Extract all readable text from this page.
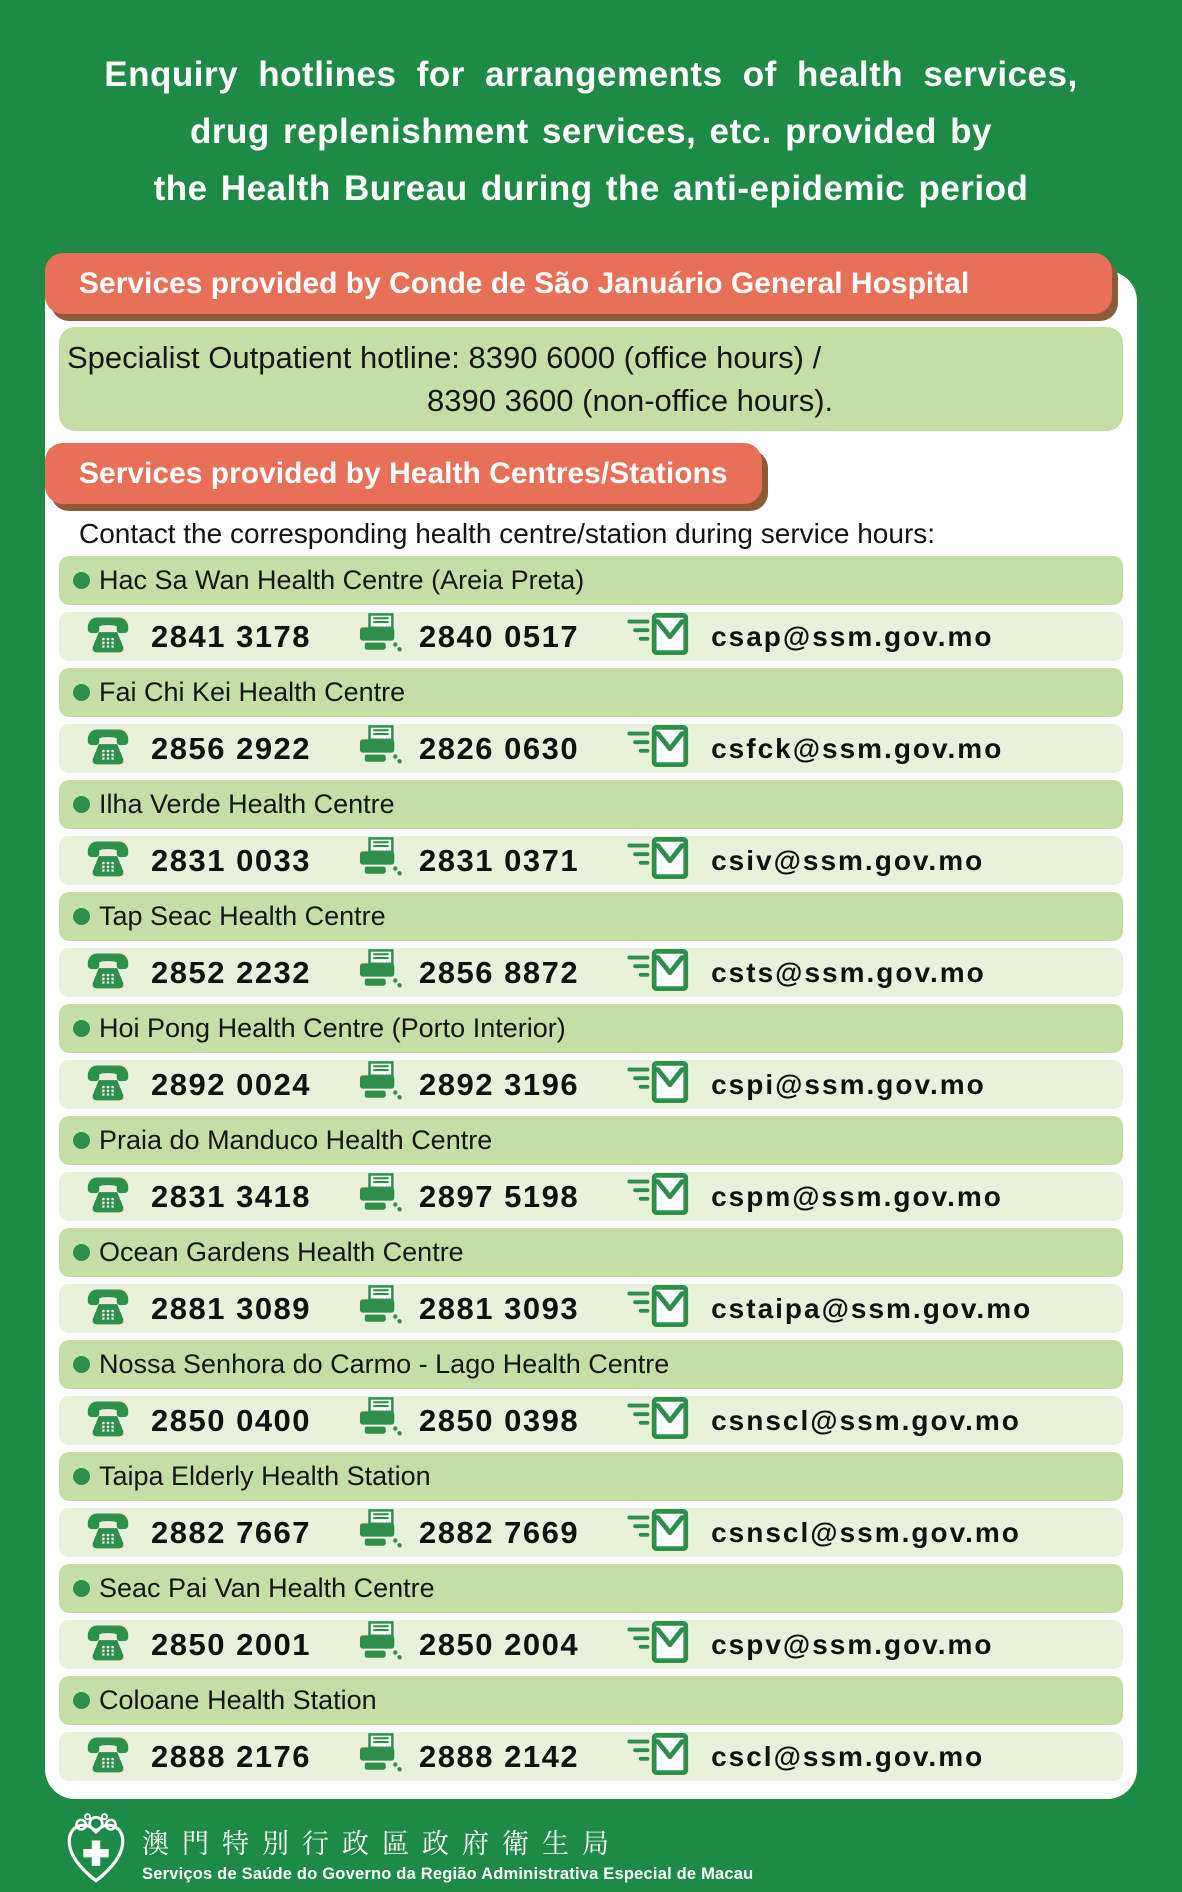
Enquiry hotlines for arrangements of health services,
drug replenishment services, etc. provided by
the Health Bureau during the anti-epidemic period
Services provided by Conde de São Januário General Hospital
Specialist Outpatient hotline: 8390 6000 (office hours) /
8390 3600 (non-office hours).
Services provided by Health Centres/Stations
Contact the corresponding health centre/station during service hours:
Hac Sa Wan Health Centre (Areia Preta)
2841 3178	2840 0517	csap@ssm.gov.mo
Fai Chi Kei Health Centre
2856 2922	2826 0630	csfck@ssm.gov.mo
Ilha Verde Health Centre
2831 0033	2831 0371	csiv@ssm.gov.mo
Tap Seac Health Centre
2852 2232	2856 8872	csts@ssm.gov.mo
Hoi Pong Health Centre (Porto Interior)
2892 0024	2892 3196	cspi@ssm.gov.mo
Praia do Manduco Health Centre
2831 3418	2897 5198	cspm@ssm.gov.mo
Ocean Gardens Health Centre
2881 3089	2881 3093	cstaipa@ssm.gov.mo
Nossa Senhora do Carmo - Lago Health Centre
2850 0400	2850 0398	csnscl@ssm.gov.mo
Taipa Elderly Health Station
2882 7667	2882 7669	csnscl@ssm.gov.mo
Seac Pai Van Health Centre
2850 2001	2850 2004	cspv@ssm.gov.mo
Coloane Health Station
2888 2176	2888 2142	cscl@ssm.gov.mo
澳門特別行政區政府衛生局
Serviços de Saúde do Governo da Região Administrativa Especial de Macau
